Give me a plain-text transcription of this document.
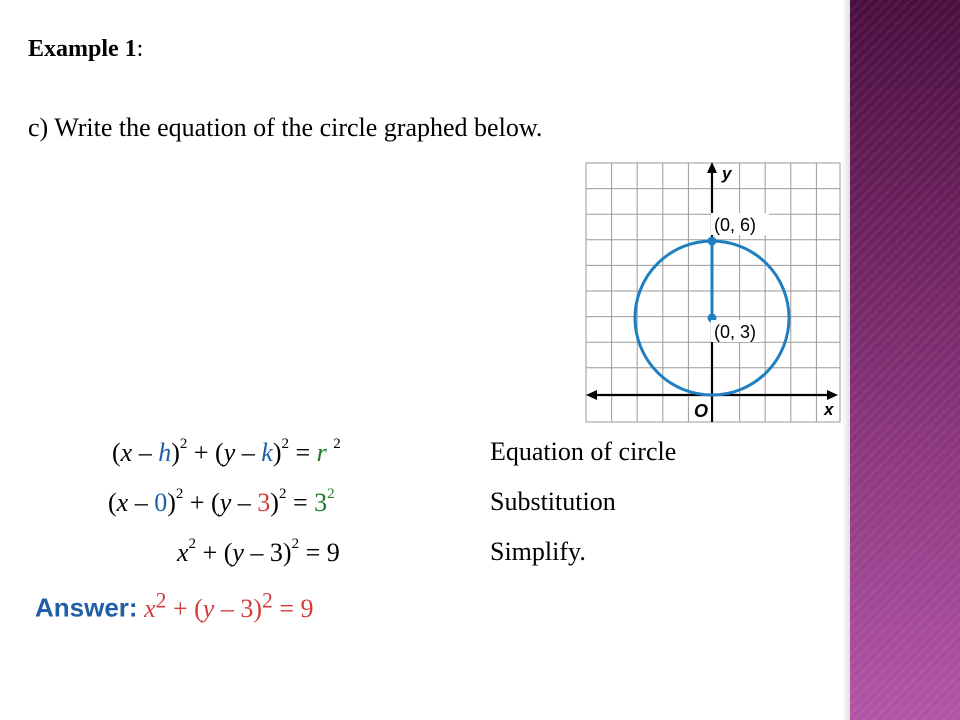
Example 1:
c) Write the equation of the circle graphed below.
(0, 6)
(0, 3)
y
x
O
(x – h)$^2$ + (y – k)$^2$ = r $^2$	Equation of circle
$(x - 0)^2 + (y - 3)^2 = 3^2$	Substitution
$x^2 + (y - 3)^2 = 9$	Simplify.
Answer: $x^2 + (y - 3)^2 = 9$
